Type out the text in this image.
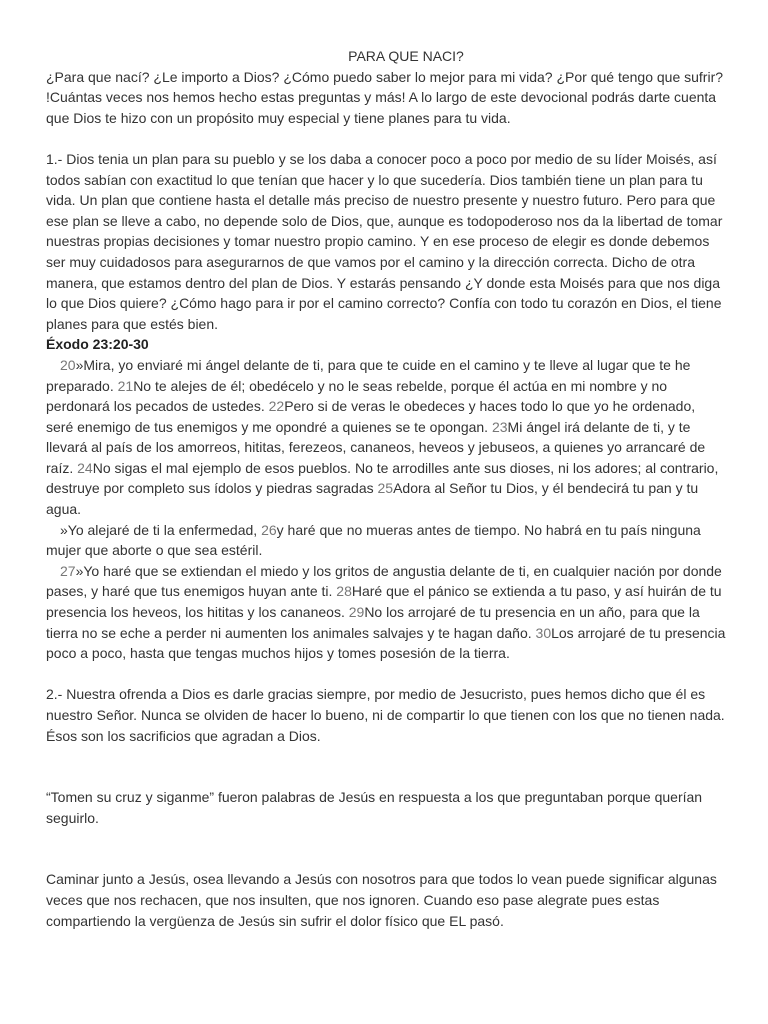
PARA QUE NACI?

¿Para que nací? ¿Le importo a Dios? ¿Cómo puedo saber lo mejor para mi vida? ¿Por qué tengo que sufrir? !Cuántas veces nos hemos hecho estas preguntas y más! A lo largo de este devocional podrás darte cuenta que Dios te hizo con un propósito muy especial y tiene planes para tu vida.

1.- Dios tenia un plan para su pueblo y se los daba a conocer poco a poco por medio de su líder Moisés, así todos sabían con exactitud lo que tenían que hacer y lo que sucedería. Dios también tiene un plan para tu vida. Un plan que contiene hasta el detalle más preciso de nuestro presente y nuestro futuro. Pero para que ese plan se lleve a cabo, no depende solo de Dios, que, aunque es todopoderoso nos da la libertad de tomar nuestras propias decisiones y tomar nuestro propio camino. Y en ese proceso de elegir es donde debemos ser muy cuidadosos para asegurarnos de que vamos por el camino y la dirección correcta. Dicho de otra manera, que estamos dentro del plan de Dios. Y estarás pensando ¿Y donde esta Moisés para que nos diga lo que Dios quiere? ¿Cómo hago para ir por el camino correcto? Confía con todo tu corazón en Dios, el tiene planes para que estés bien.

Éxodo 23:20-30

20»Mira, yo enviaré mi ángel delante de ti, para que te cuide en el camino y te lleve al lugar que te he preparado. 21No te alejes de él; obedécelo y no le seas rebelde, porque él actúa en mi nombre y no perdonará los pecados de ustedes. 22Pero si de veras le obedeces y haces todo lo que yo he ordenado, seré enemigo de tus enemigos y me opondré a quienes se te opongan. 23Mi ángel irá delante de ti, y te llevará al país de los amorreos, hititas, ferezeos, cananeos, heveos y jebuseos, a quienes yo arrancaré de raíz. 24No sigas el mal ejemplo de esos pueblos. No te arrodilles ante sus dioses, ni los adores; al contrario, destruye por completo sus ídolos y piedras sagradas 25Adora al Señor tu Dios, y él bendecirá tu pan y tu agua.

»Yo alejaré de ti la enfermedad, 26y haré que no mueras antes de tiempo. No habrá en tu país ninguna mujer que aborte o que sea estéril.

27»Yo haré que se extiendan el miedo y los gritos de angustia delante de ti, en cualquier nación por donde pases, y haré que tus enemigos huyan ante ti. 28Haré que el pánico se extienda a tu paso, y así huirán de tu presencia los heveos, los hititas y los cananeos. 29No los arrojaré de tu presencia en un año, para que la tierra no se eche a perder ni aumenten los animales salvajes y te hagan daño. 30Los arrojaré de tu presencia poco a poco, hasta que tengas muchos hijos y tomes posesión de la tierra.

2.- Nuestra ofrenda a Dios es darle gracias siempre, por medio de Jesucristo, pues hemos dicho que él es nuestro Señor. Nunca se olviden de hacer lo bueno, ni de compartir lo que tienen con los que no tienen nada. Ésos son los sacrificios que agradan a Dios.

“Tomen su cruz y siganme” fueron palabras de Jesús en respuesta a los que preguntaban porque querían seguirlo.

Caminar junto a Jesús, osea llevando a Jesús con nosotros para que todos lo vean puede significar algunas veces que nos rechacen, que nos insulten, que nos ignoren. Cuando eso pase alegrate pues estas compartiendo la vergüenza de Jesús sin sufrir el dolor físico que EL pasó.
